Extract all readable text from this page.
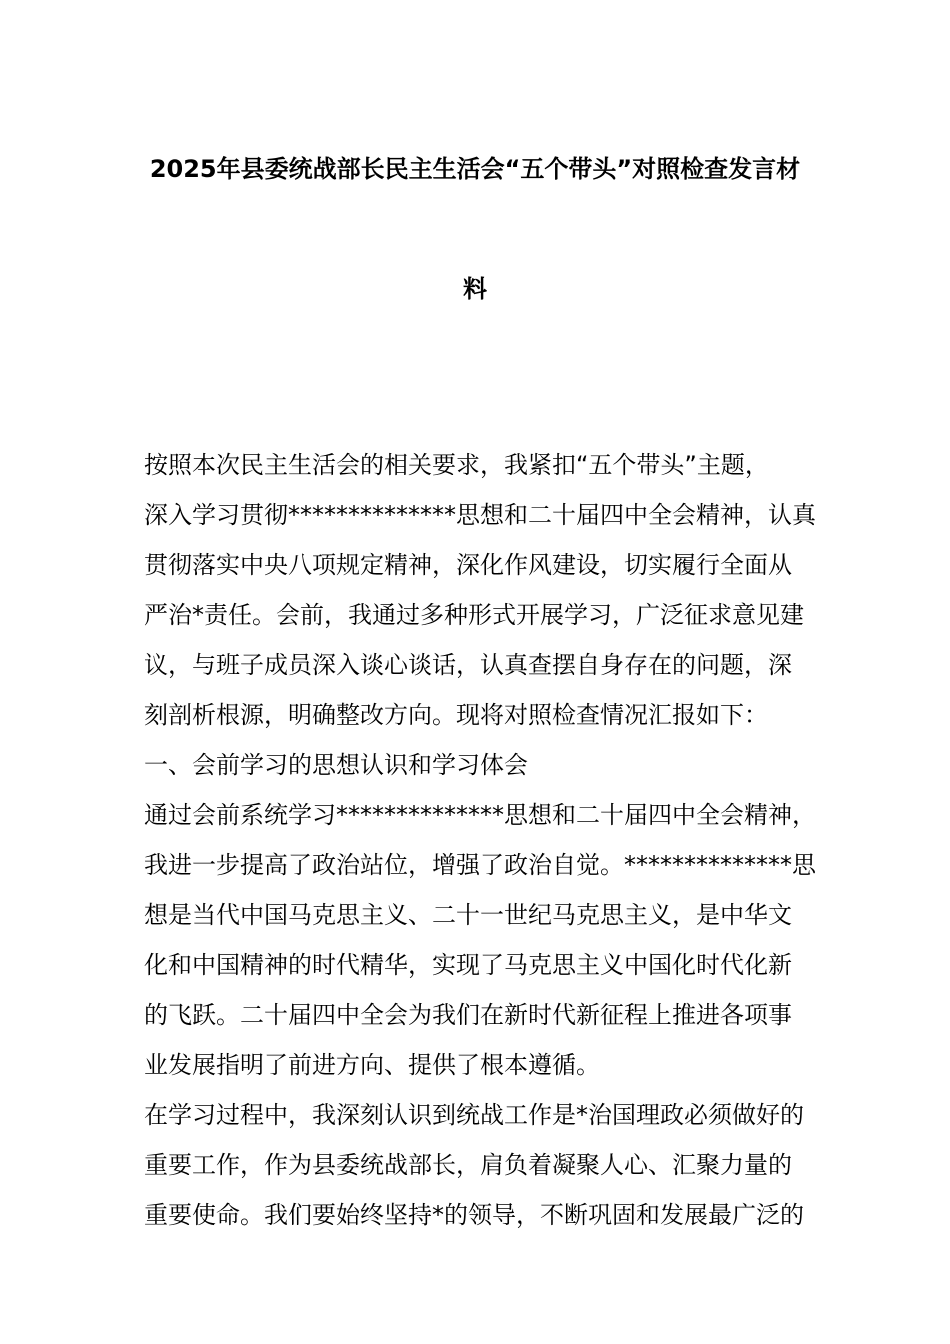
2025年县委统战部长民主生活会“五个带头”对照检查发言材
料
按照本次民主生活会的相关要求，我紧扣“五个带头”主题，
深入学习贯彻**************思想和二十届四中全会精神，认真
贯彻落实中央八项规定精神，深化作风建设，切实履行全面从
严治*责任。会前，我通过多种形式开展学习，广泛征求意见建
议，与班子成员深入谈心谈话，认真查摆自身存在的问题，深
刻剖析根源，明确整改方向。现将对照检查情况汇报如下：
一、会前学习的思想认识和学习体会
通过会前系统学习**************思想和二十届四中全会精神，
我进一步提高了政治站位，增强了政治自觉。**************思
想是当代中国马克思主义、二十一世纪马克思主义，是中华文
化和中国精神的时代精华，实现了马克思主义中国化时代化新
的飞跃。二十届四中全会为我们在新时代新征程上推进各项事
业发展指明了前进方向、提供了根本遵循。
在学习过程中，我深刻认识到统战工作是*治国理政必须做好的
重要工作，作为县委统战部长，肩负着凝聚人心、汇聚力量的
重要使命。我们要始终坚持*的领导，不断巩固和发展最广泛的
